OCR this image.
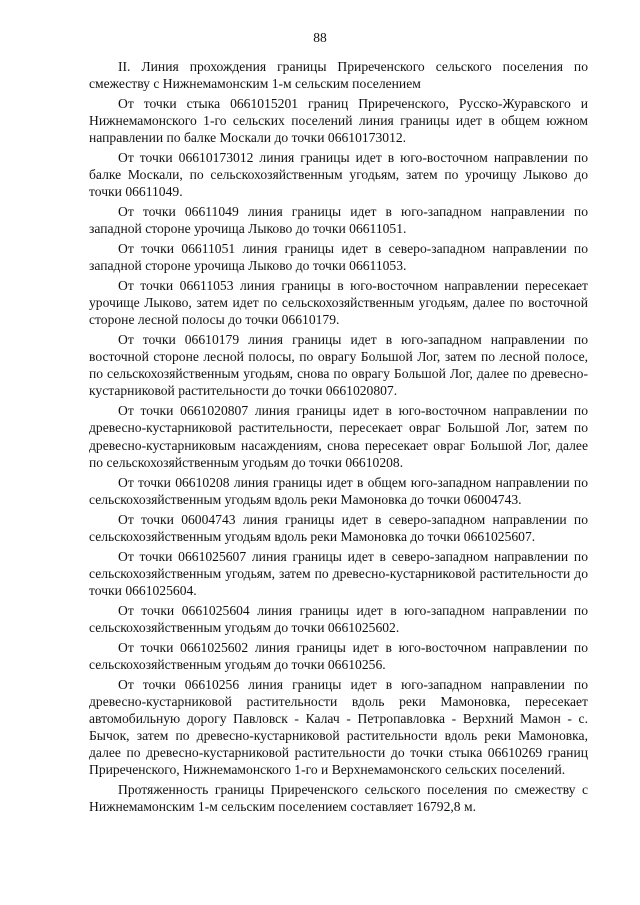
88

II. Линия прохождения границы Приреченского сельского поселения по смежеству с Нижнемамонским 1-м сельским поселением

От точки стыка 0661015201 границ Приреченского, Русско-Журавского и Нижнемамонского 1-го сельских поселений линия границы идет в общем южном направлении по балке Москали до точки 06610173012.

От точки 06610173012 линия границы идет в юго-восточном направлении по балке Москали, по сельскохозяйственным угодьям, затем по урочищу Лыково до точки 06611049.

От точки 06611049 линия границы идет в юго-западном направлении по западной стороне урочища Лыково до точки 06611051.

От точки 06611051 линия границы идет в северо-западном направлении по западной стороне урочища Лыково до точки 06611053.

От точки 06611053 линия границы в юго-восточном направлении пересекает урочище Лыково, затем идет по сельскохозяйственным угодьям, далее по восточной стороне лесной полосы до точки 06610179.

От точки 06610179 линия границы идет в юго-западном направлении по восточной стороне лесной полосы, по оврагу Большой Лог, затем по лесной полосе, по сельскохозяйственным угодьям, снова по оврагу Большой Лог, далее по древесно-кустарниковой растительности до точки 0661020807.

От точки 0661020807 линия границы идет в юго-восточном направлении по древесно-кустарниковой растительности, пересекает овраг Большой Лог, затем по древесно-кустарниковым насаждениям, снова пересекает овраг Большой Лог, далее по сельскохозяйственным угодьям до точки 06610208.

От точки 06610208 линия границы идет в общем юго-западном направлении по сельскохозяйственным угодьям вдоль реки Мамоновка до точки 06004743.

От точки 06004743 линия границы идет в северо-западном направлении по сельскохозяйственным угодьям вдоль реки Мамоновка до точки 0661025607.

От точки 0661025607 линия границы идет в северо-западном направлении по сельскохозяйственным угодьям, затем по древесно-кустарниковой растительности до точки 0661025604.

От точки 0661025604 линия границы идет в юго-западном направлении по сельскохозяйственным угодьям до точки 0661025602.

От точки 0661025602 линия границы идет в юго-восточном направлении по сельскохозяйственным угодьям до точки 06610256.

От точки 06610256 линия границы идет в юго-западном направлении по древесно-кустарниковой растительности вдоль реки Мамоновка, пересекает автомобильную дорогу Павловск - Калач - Петропавловка - Верхний Мамон - с. Бычок, затем по древесно-кустарниковой растительности вдоль реки Мамоновка, далее по древесно-кустарниковой растительности до точки стыка 06610269 границ Приреченского, Нижнемамонского 1-го и Верхнемамонского сельских поселений.

Протяженность границы Приреченского сельского поселения по смежеству с Нижнемамонским 1-м сельским поселением составляет 16792,8 м.
